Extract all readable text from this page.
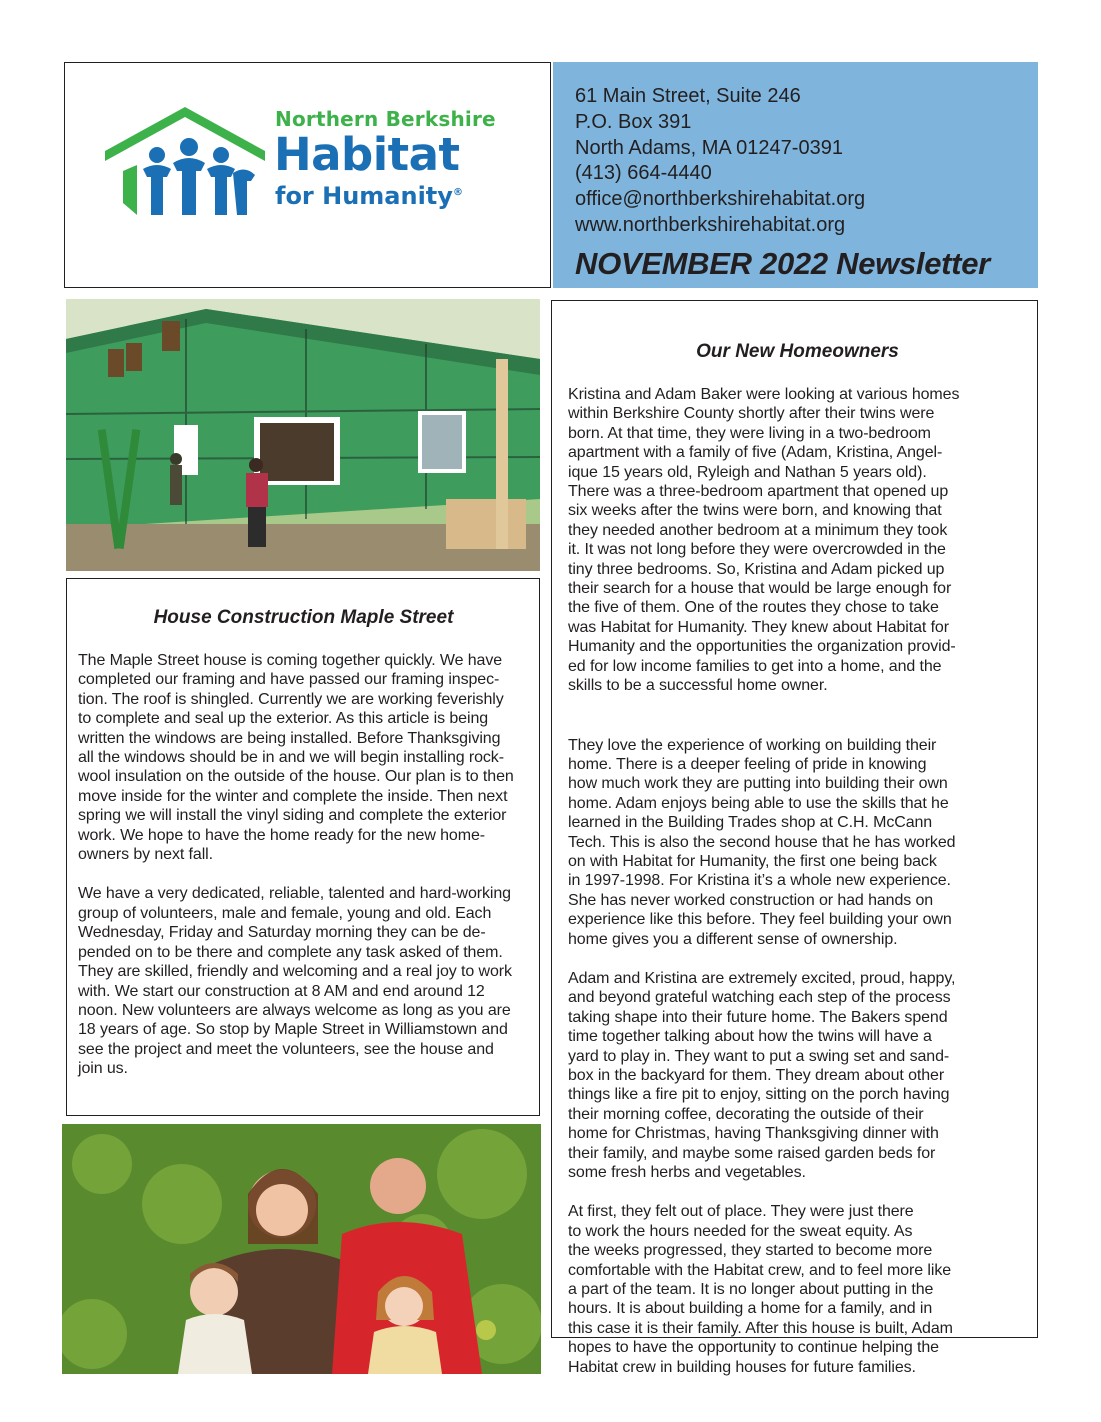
Northern Berkshire
Habitat
for Humanity®
61 Main Street, Suite 246
P.O. Box 391
North Adams, MA 01247-0391
(413) 664-4440
office@northberkshirehabitat.org
www.northberkshirehabitat.org
NOVEMBER 2022 Newsletter
House Construction Maple Street
The Maple Street house is coming together quickly. We have
completed our framing and have passed our framing inspec-
tion. The roof is shingled. Currently we are working feverishly
to complete and seal up the exterior. As this article is being
written the windows are being installed. Before Thanksgiving
all the windows should be in and we will begin installing rock-
wool insulation on the outside of the house. Our plan is to then
move inside for the winter and complete the inside. Then next
spring we will install the vinyl siding and complete the exterior
work. We hope to have the home ready for the new home-
owners by next fall.
We have a very dedicated, reliable, talented and hard-working
group of volunteers, male and female, young and old. Each
Wednesday, Friday and Saturday morning they can be de-
pended on to be there and complete any task asked of them.
They are skilled, friendly and welcoming and a real joy to work
with. We start our construction at 8 AM and end around 12
noon. New volunteers are always welcome as long as you are
18 years of age. So stop by Maple Street in Williamstown and
see the project and meet the volunteers, see the house and
join us.
Our New Homeowners
Kristina and Adam Baker were looking at various homes
within Berkshire County shortly after their twins were
born. At that time, they were living in a two-bedroom
apartment with a family of five (Adam, Kristina, Angel-
ique 15 years old, Ryleigh and Nathan 5 years old).
There was a three-bedroom apartment that opened up
six weeks after the twins were born, and knowing that
they needed another bedroom at a minimum they took
it. It was not long before they were overcrowded in the
tiny three bedrooms. So, Kristina and Adam picked up
their search for a house that would be large enough for
the five of them. One of the routes they chose to take
was Habitat for Humanity. They knew about Habitat for
Humanity and the opportunities the organization provid-
ed for low income families to get into a home, and the
skills to be a successful home owner.
They love the experience of working on building their
home. There is a deeper feeling of pride in knowing
how much work they are putting into building their own
home. Adam enjoys being able to use the skills that he
learned in the Building Trades shop at C.H. McCann
Tech. This is also the second house that he has worked
on with Habitat for Humanity, the first one being back
in 1997-1998. For Kristina it’s a whole new experience.
She has never worked construction or had hands on
experience like this before. They feel building your own
home gives you a different sense of ownership.
Adam and Kristina are extremely excited, proud, happy,
and beyond grateful watching each step of the process
taking shape into their future home. The Bakers spend
time together talking about how the twins will have a
yard to play in. They want to put a swing set and sand-
box in the backyard for them. They dream about other
things like a fire pit to enjoy, sitting on the porch having
their morning coffee, decorating the outside of their
home for Christmas, having Thanksgiving dinner with
their family, and maybe some raised garden beds for
some fresh herbs and vegetables.
At first, they felt out of place. They were just there
to work the hours needed for the sweat equity. As
the weeks progressed, they started to become more
comfortable with the Habitat crew, and to feel more like
a part of the team. It is no longer about putting in the
hours. It is about building a home for a family, and in
this case it is their family. After this house is built, Adam
hopes to have the opportunity to continue helping the
Habitat crew in building houses for future families.
